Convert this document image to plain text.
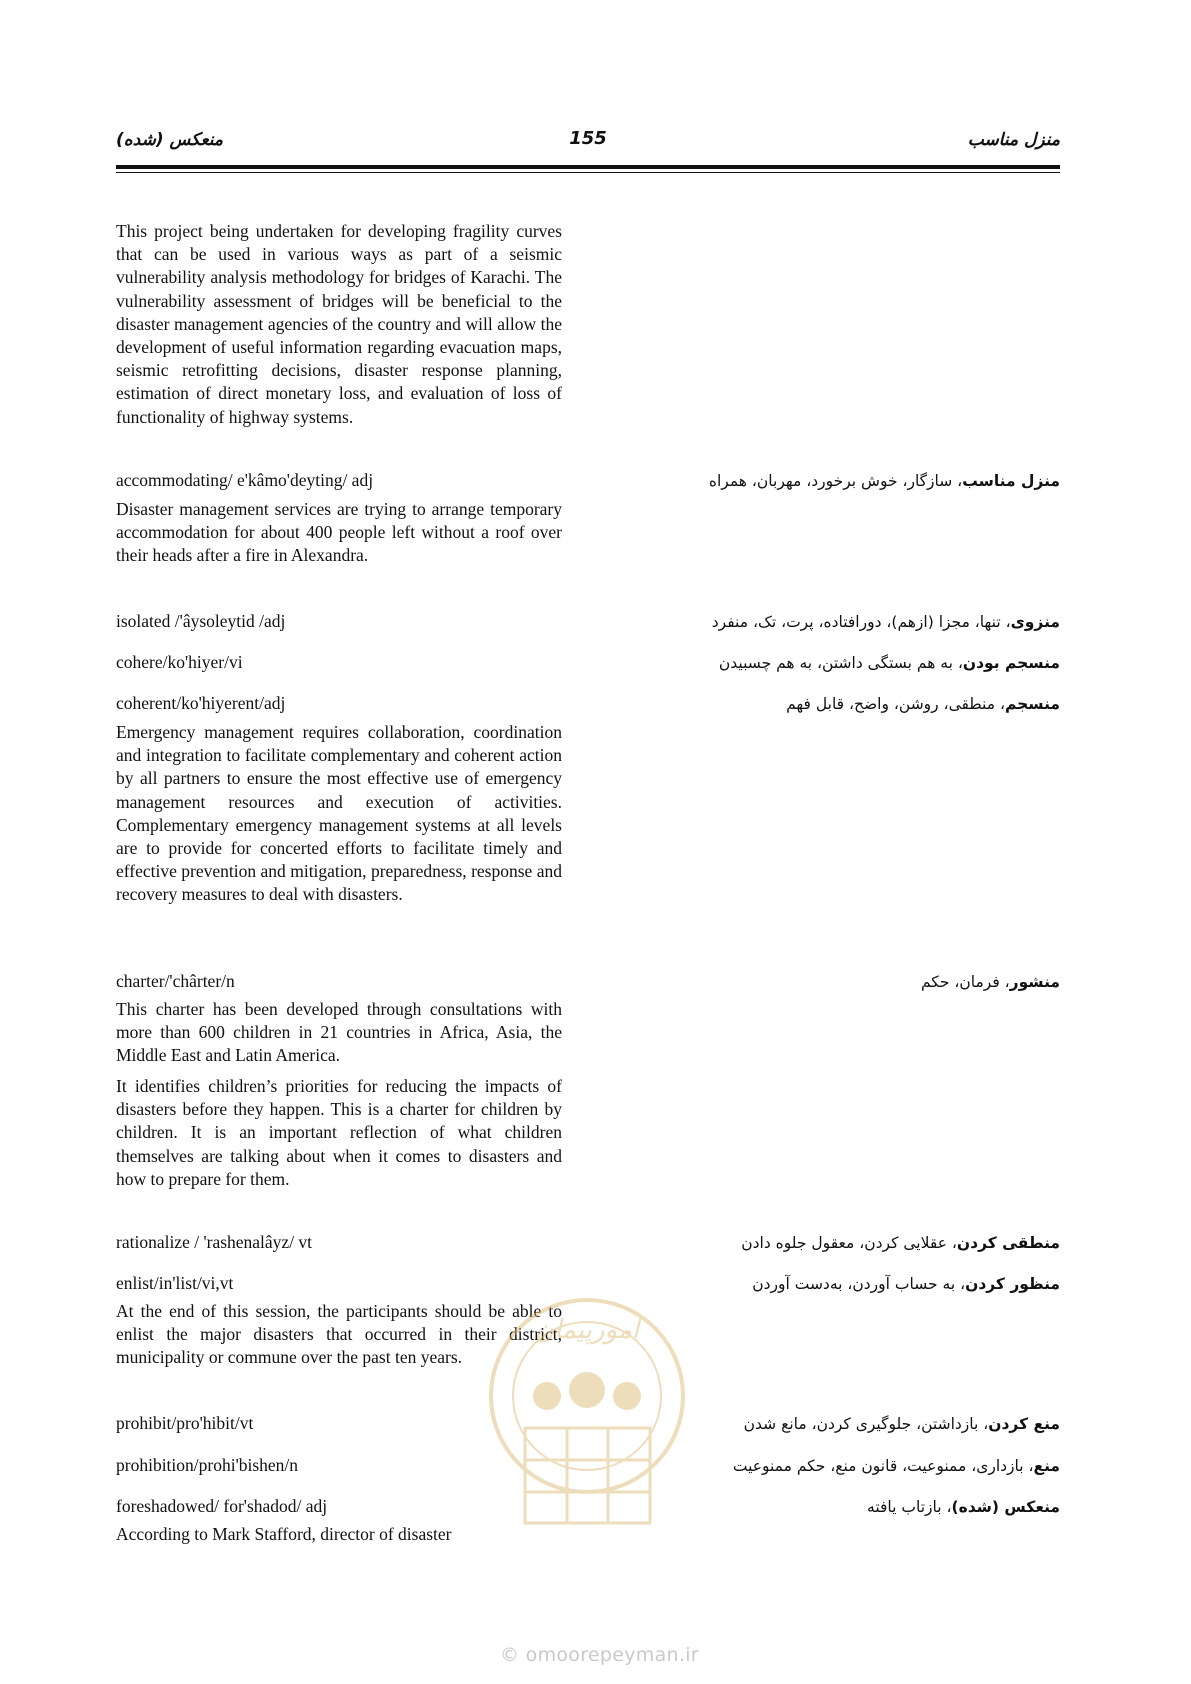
منعکس (شده)	155	منزل مناسب
This project being undertaken for developing fragility curves that can be used in various ways as part of a seismic vulnerability analysis methodology for bridges of Karachi. The vulnerability assessment of bridges will be beneficial to the disaster management agencies of the country and will allow the development of useful information regarding evacuation maps, seismic retrofitting decisions, disaster response planning, estimation of direct monetary loss, and evaluation of loss of functionality of highway systems.
accommodating/ e'kâmo'deyting/ adj
Disaster management services are trying to arrange temporary accommodation for about 400 people left without a roof over their heads after a fire in Alexandra.
isolated /'âysoleytid /adj
cohere/ko'hiyer/vi
coherent/ko'hiyerent/adj
Emergency management requires collaboration, coordination and integration to facilitate complementary and coherent action by all partners to ensure the most effective use of emergency management resources and execution of activities. Complementary emergency management systems at all levels are to provide for concerted efforts to facilitate timely and effective prevention and mitigation, preparedness, response and recovery measures to deal with disasters.
charter/'chârter/n
This charter has been developed through consultations with more than 600 children in 21 countries in Africa, Asia, the Middle East and Latin America.
It identifies children’s priorities for reducing the impacts of disasters before they happen. This is a charter for children by children. It is an important reflection of what children themselves are talking about when it comes to disasters and how to prepare for them.
rationalize / 'rashenalâyz/ vt
enlist/in'list/vi,vt
At the end of this session, the participants should be able to enlist the major disasters that occurred in their district, municipality or commune over the past ten years.
prohibit/pro'hibit/vt
prohibition/prohi'bishen/n
foreshadowed/ for'shadod/ adj
According to Mark Stafford, director of disaster
منزل مناسب، سازگار، خوش برخورد، مهربان، همراه
منزوی، تنها، مجزا (ازهم)، دورافتاده، پرت، تک، منفرد
منسجم بودن، به هم بستگی داشتن، به هم چسبیدن
منسجم، منطقی، روشن، واضح، قابل فهم
منشور، فرمان، حکم
منطقی کردن، عقلایی کردن، معقول جلوه دادن
منظور کردن، به حساب آوردن، به‌دست آوردن
منع کردن، بازداشتن، جلوگیری کردن، مانع شدن
منع، بازداری، ممنوعیت، قانون منع، حکم ممنوعیت
منعکس (شده)، بازتاب یافته
امورپیمان
© omoorepeyman.ir
